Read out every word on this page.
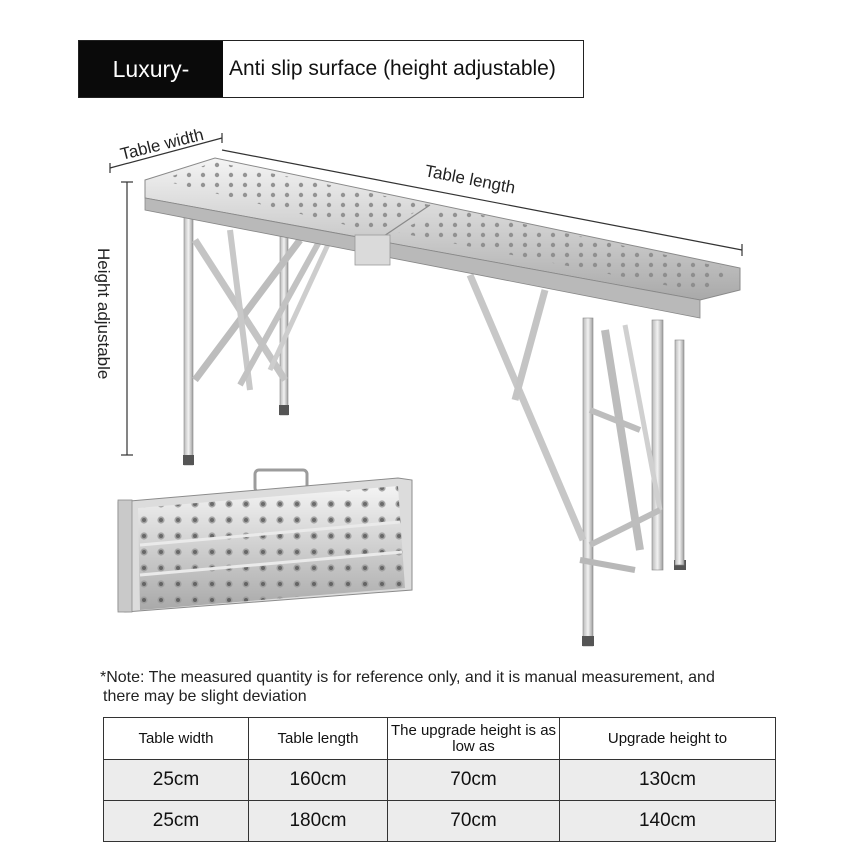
Luxury-	Anti slip surface (height adjustable)
Table width
Table length
Height adjustable
*Note: The measured quantity is for reference only, and it is manual measurement, and
there may be slight deviation
Table width	Table length	The upgrade height is as low as	Upgrade height to
25cm	160cm	70cm	130cm
25cm	180cm	70cm	140cm
